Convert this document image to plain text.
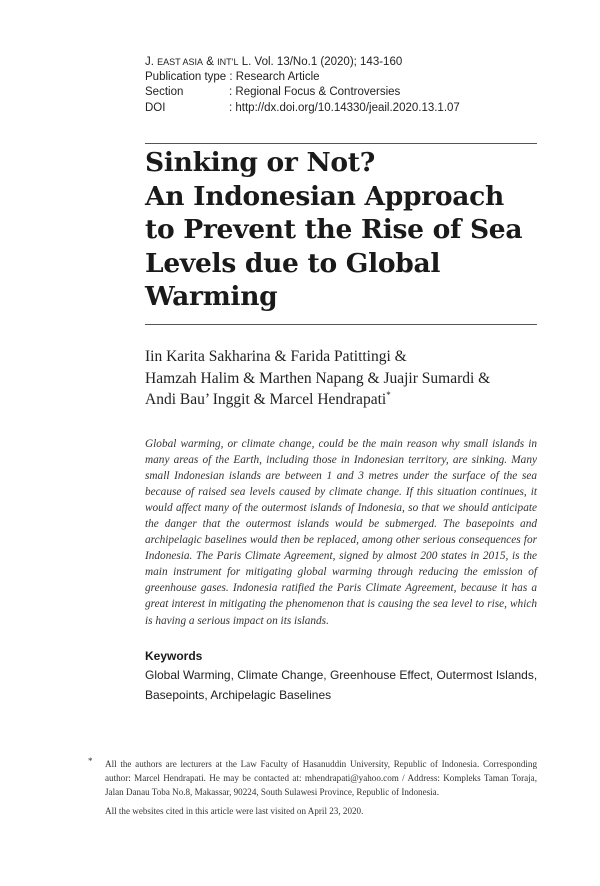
J. EAST ASIA & INT’L L. Vol. 13/No.1 (2020); 143-160
Publication type : Research Article
Section	: Regional Focus & Controversies
DOI	: http://dx.doi.org/10.14330/jeail.2020.13.1.07
Sinking or Not?
An Indonesian Approach
to Prevent the Rise of Sea
Levels due to Global
Warming
Iin Karita Sakharina & Farida Patittingi &
Hamzah Halim & Marthen Napang & Juajir Sumardi &
Andi Bau’ Inggit & Marcel Hendrapati*
Global warming, or climate change, could be the main reason why small islands in
many areas of the Earth, including those in Indonesian territory, are sinking. Many
small Indonesian islands are between 1 and 3 metres under the surface of the sea
because of raised sea levels caused by climate change. If this situation continues, it
would affect many of the outermost islands of Indonesia, so that we should anticipate
the danger that the outermost islands would be submerged. The basepoints and
archipelagic baselines would then be replaced, among other serious consequences for
Indonesia. The Paris Climate Agreement, signed by almost 200 states in 2015, is the
main instrument for mitigating global warming through reducing the emission of
greenhouse gases. Indonesia ratified the Paris Climate Agreement, because it has a
great interest in mitigating the phenomenon that is causing the sea level to rise, which
is having a serious impact on its islands.
Keywords
Global Warming, Climate Change, Greenhouse Effect, Outermost Islands,
Basepoints, Archipelagic Baselines
* All the authors are lecturers at the Law Faculty of Hasanuddin University, Republic of Indonesia. Corresponding
author: Marcel Hendrapati. He may be contacted at: mhendrapati@yahoo.com / Address: Kompleks Taman Toraja,
Jalan Danau Toba No.8, Makassar, 90224, South Sulawesi Province, Republic of Indonesia.
All the websites cited in this article were last visited on April 23, 2020.
